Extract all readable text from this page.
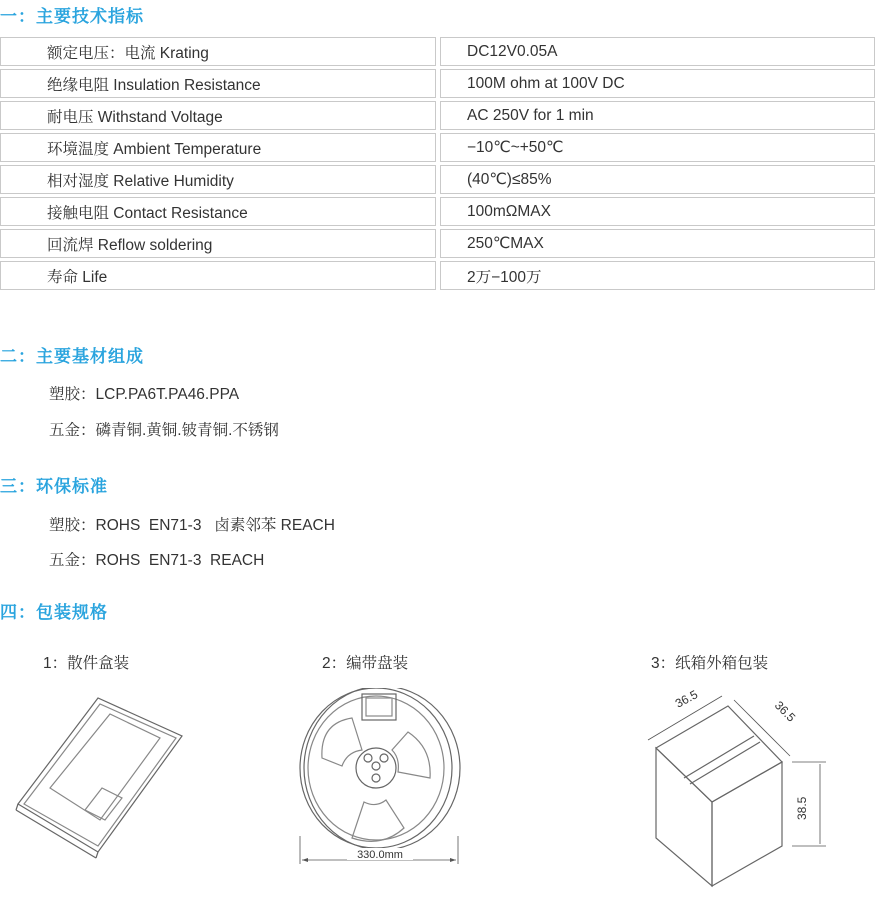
一：主要技术指标
额定电压：电流 Krating		DC12V0.05A
绝缘电阻 Insulation Resistance		100M ohm at 100V DC
耐电压 Withstand Voltage		AC 250V for 1 min
环境温度 Ambient Temperature		−10℃~+50℃
相对湿度 Relative Humidity		(40℃)≤85%
接触电阻 Contact Resistance		100mΩMAX
回流焊 Reflow soldering		250℃MAX
寿命 Life		2万−100万
二：主要基材组成
塑胶：LCP.PA6T.PA46.PPA
五金：磷青铜.黄铜.铍青铜.不锈钢
三：环保标准
塑胶：ROHS  EN71-3   卤素邻苯 REACH
五金：ROHS  EN71-3  REACH
四：包装规格
1：散件盒装	2：编带盘装	3：纸箱外箱包装
330.0mm
36.5	36.5
38.5
